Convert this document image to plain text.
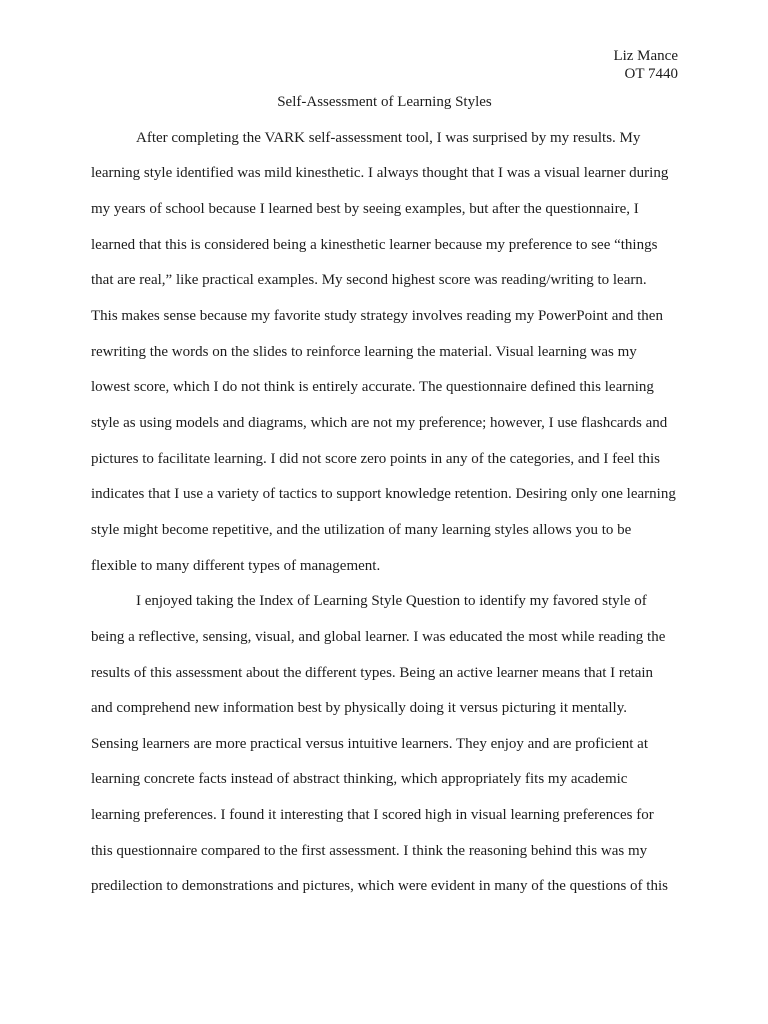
Liz Mance
OT 7440
Self-Assessment of Learning Styles
After completing the VARK self-assessment tool, I was surprised by my results. My
learning style identified was mild kinesthetic. I always thought that I was a visual learner during
my years of school because I learned best by seeing examples, but after the questionnaire, I
learned that this is considered being a kinesthetic learner because my preference to see “things
that are real,” like practical examples. My second highest score was reading/writing to learn.
This makes sense because my favorite study strategy involves reading my PowerPoint and then
rewriting the words on the slides to reinforce learning the material. Visual learning was my
lowest score, which I do not think is entirely accurate. The questionnaire defined this learning
style as using models and diagrams, which are not my preference; however, I use flashcards and
pictures to facilitate learning. I did not score zero points in any of the categories, and I feel this
indicates that I use a variety of tactics to support knowledge retention. Desiring only one learning
style might become repetitive, and the utilization of many learning styles allows you to be
flexible to many different types of management.
I enjoyed taking the Index of Learning Style Question to identify my favored style of
being a reflective, sensing, visual, and global learner. I was educated the most while reading the
results of this assessment about the different types. Being an active learner means that I retain
and comprehend new information best by physically doing it versus picturing it mentally.
Sensing learners are more practical versus intuitive learners. They enjoy and are proficient at
learning concrete facts instead of abstract thinking, which appropriately fits my academic
learning preferences. I found it interesting that I scored high in visual learning preferences for
this questionnaire compared to the first assessment. I think the reasoning behind this was my
predilection to demonstrations and pictures, which were evident in many of the questions of this
